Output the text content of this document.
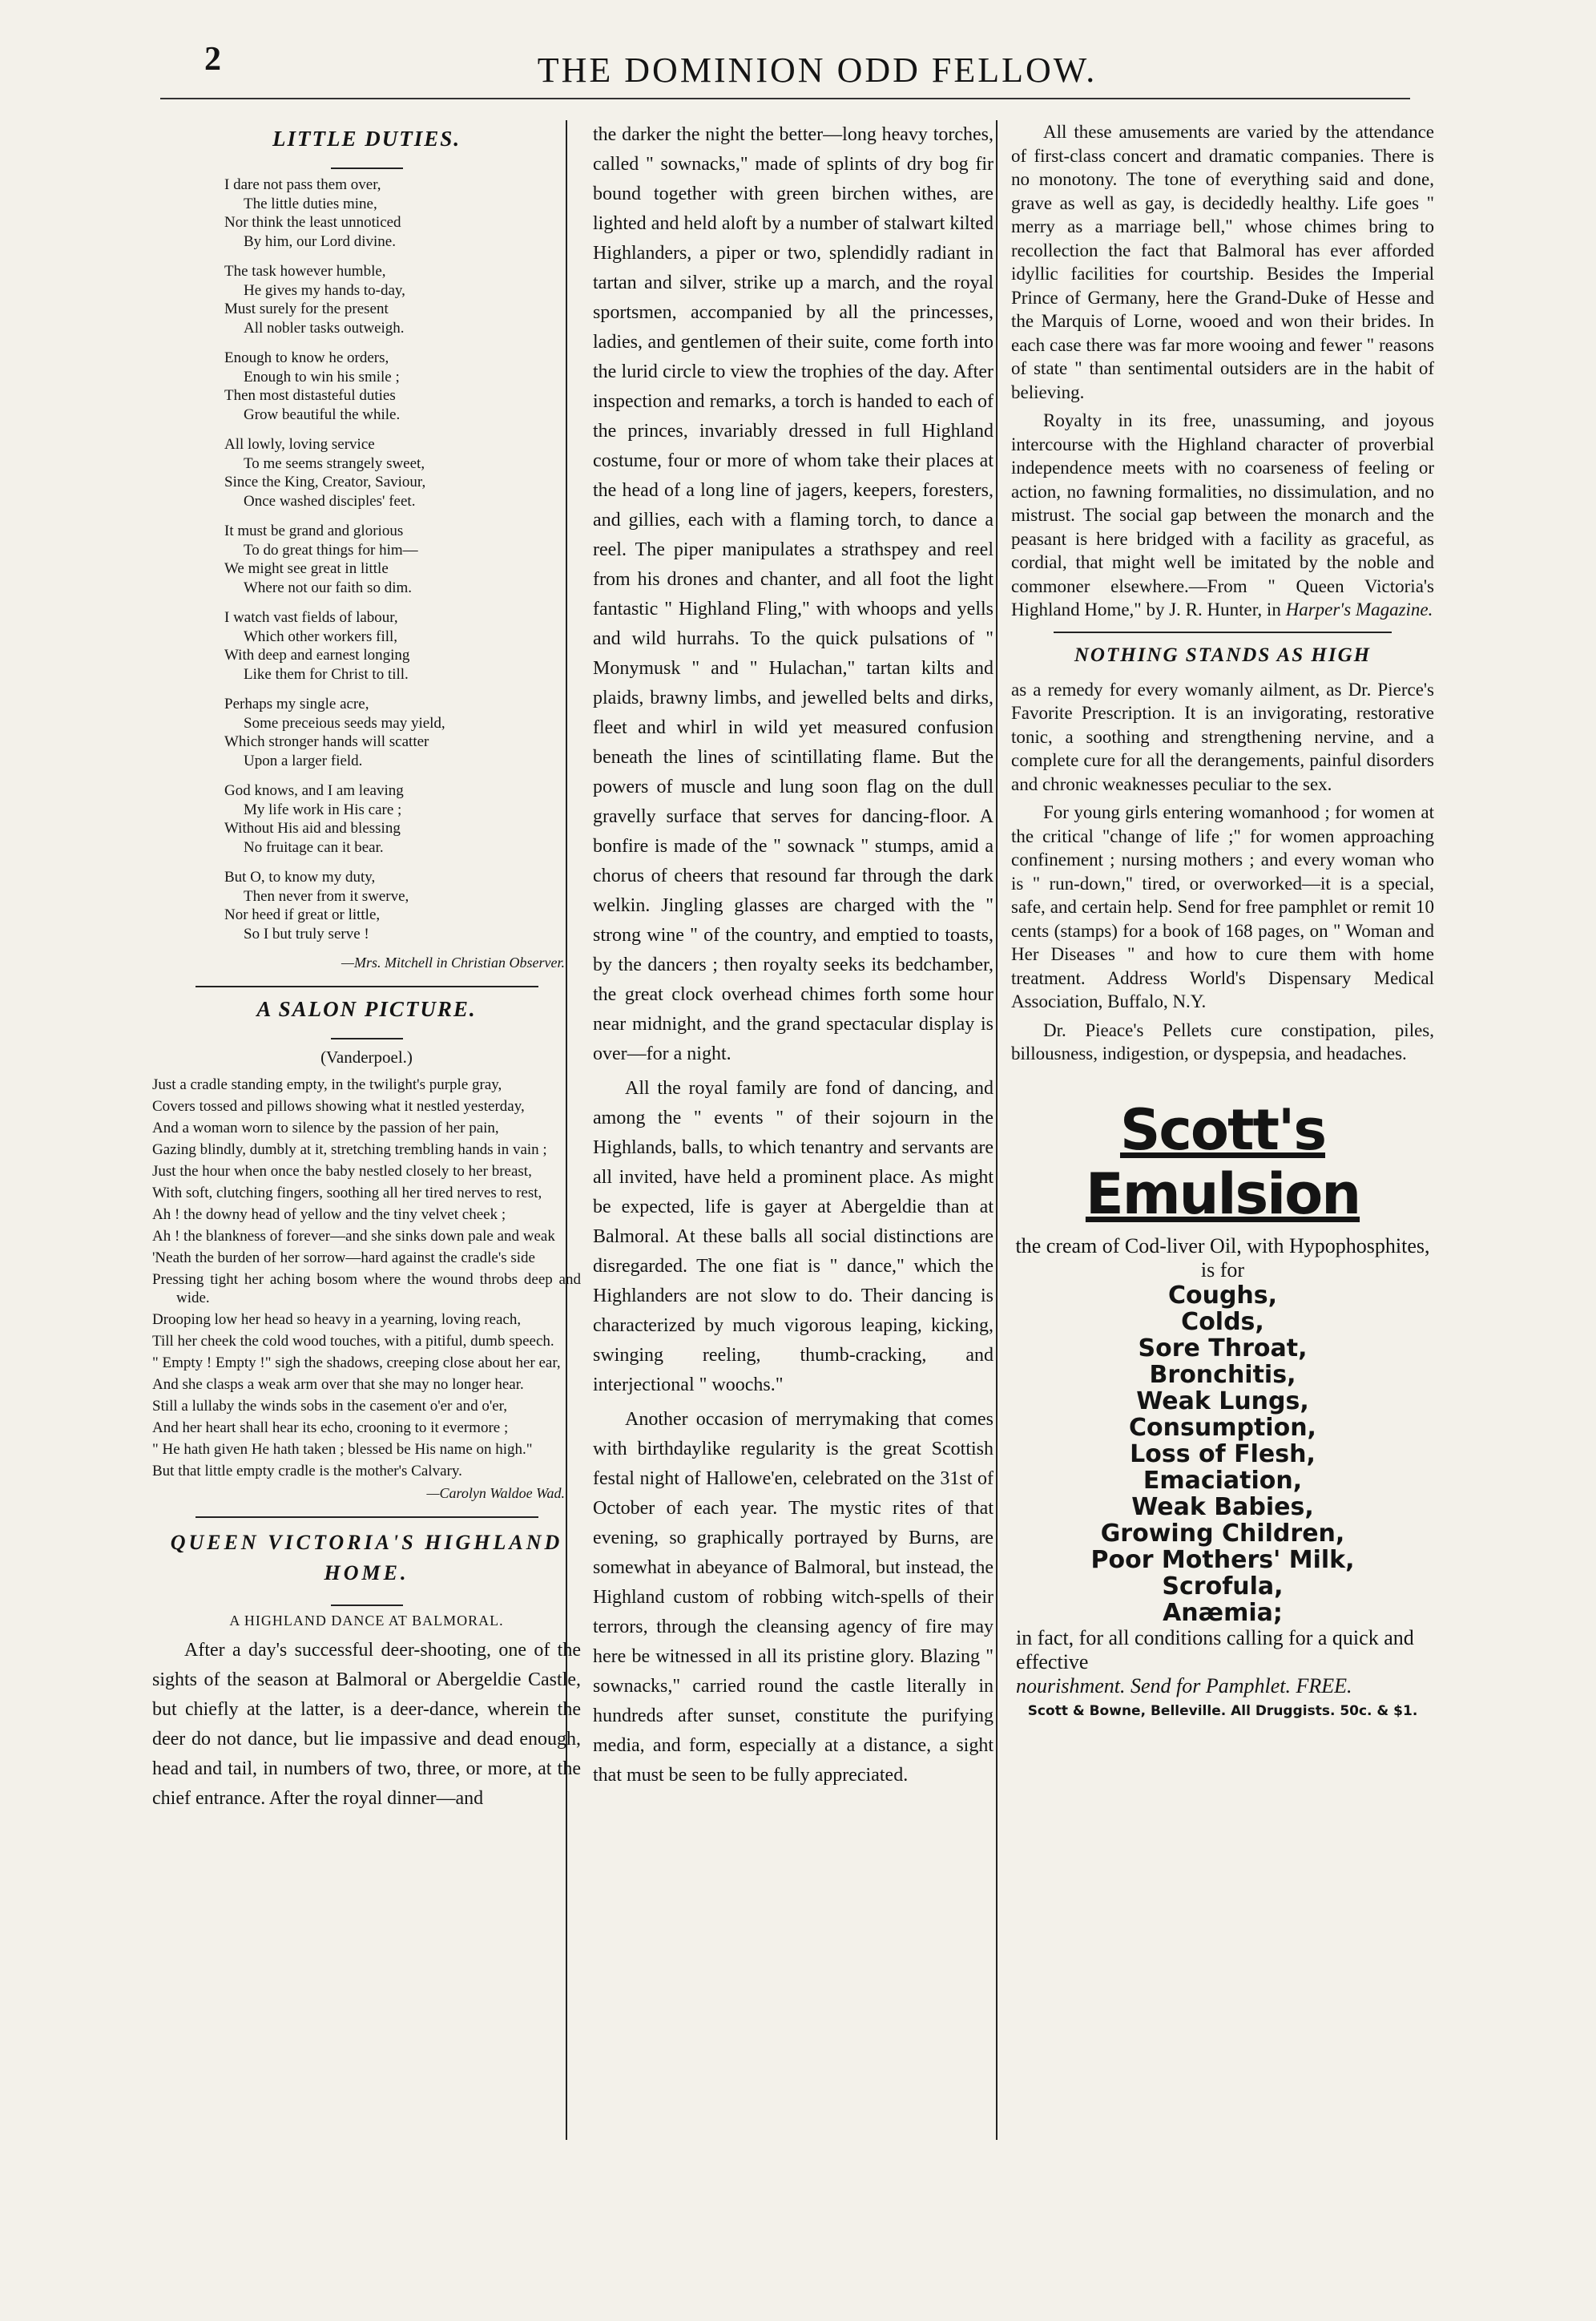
2	THE DOMINION ODD FELLOW.
LITTLE DUTIES.
I dare not pass them over,
The little duties mine,
Nor think the least unnoticed
By him, our Lord divine.
The task however humble,
He gives my hands to-day,
Must surely for the present
All nobler tasks outweigh.
Enough to know he orders,
Enough to win his smile ;
Then most distasteful duties
Grow beautiful the while.
All lowly, loving service
To me seems strangely sweet,
Since the King, Creator, Saviour,
Once washed disciples' feet.
It must be grand and glorious
To do great things for him—
We might see great in little
Where not our faith so dim.
I watch vast fields of labour,
Which other workers fill,
With deep and earnest longing
Like them for Christ to till.
Perhaps my single acre,
Some preceious seeds may yield,
Which stronger hands will scatter
Upon a larger field.
God knows, and I am leaving
My life work in His care ;
Without His aid and blessing
No fruitage can it bear.
But O, to know my duty,
Then never from it swerve,
Nor heed if great or little,
So I but truly serve !
—Mrs. Mitchell in Christian Observer.
A SALON PICTURE.
(Vanderpoel.)

Just a cradle standing empty, in the twilight's purple gray,

Covers tossed and pillows showing what it nestled yesterday,

And a woman worn to silence by the passion of her pain,

Gazing blindly, dumbly at it, stretching trembling hands in vain ;

Just the hour when once the baby nestled closely to her breast,

With soft, clutching fingers, soothing all her tired nerves to rest,

Ah ! the downy head of yellow and the tiny velvet cheek ;

Ah ! the blankness of forever—and she sinks down pale and weak

'Neath the burden of her sorrow—hard against the cradle's side

Pressing tight her aching bosom where the wound throbs deep and wide.

Drooping low her head so heavy in a yearning, loving reach,

Till her cheek the cold wood touches, with a pitiful, dumb speech.

" Empty ! Empty !" sigh the shadows, creeping close about her ear,

And she clasps a weak arm over that she may no longer hear.

Still a lullaby the winds sobs in the casement o'er and o'er,

And her heart shall hear its echo, crooning to it evermore ;

" He hath given He hath taken ; blessed be His name on high."

But that little empty cradle is the mother's Calvary.

—Carolyn Waldoe Wad.
QUEEN VICTORIA'S HIGHLAND HOME.
A HIGHLAND DANCE AT BALMORAL.

After a day's successful deer-shooting, one of the sights of the season at Balmoral or Abergeldie Castle, but chiefly at the latter, is a deer-dance, wherein the deer do not dance, but lie impassive and dead enough, head and tail, in numbers of two, three, or more, at the chief entrance. After the royal dinner—and

the darker the night the better—long heavy torches, called " sownacks," made of splints of dry bog fir bound together with green birchen withes, are lighted and held aloft by a number of stalwart kilted Highlanders, a piper or two, splendidly radiant in tartan and silver, strike up a march, and the royal sportsmen, accompanied by all the princesses, ladies, and gentlemen of their suite, come forth into the lurid circle to view the trophies of the day. After inspection and remarks, a torch is handed to each of the princes, invariably dressed in full Highland costume, four or more of whom take their places at the head of a long line of jagers, keepers, foresters, and gillies, each with a flaming torch, to dance a reel. The piper manipulates a strathspey and reel from his drones and chanter, and all foot the light fantastic " Highland Fling," with whoops and yells and wild hurrahs. To the quick pulsations of " Monymusk " and " Hulachan," tartan kilts and plaids, brawny limbs, and jewelled belts and dirks, fleet and whirl in wild yet measured confusion beneath the lines of scintillating flame. But the powers of muscle and lung soon flag on the dull gravelly surface that serves for dancing-floor. A bonfire is made of the " sownack " stumps, amid a chorus of cheers that resound far through the dark welkin. Jingling glasses are charged with the " strong wine " of the country, and emptied to toasts, by the dancers ; then royalty seeks its bedchamber, the great clock overhead chimes forth some hour near midnight, and the grand spectacular display is over—for a night.

All the royal family are fond of dancing, and among the " events " of their sojourn in the Highlands, balls, to which tenantry and servants are all invited, have held a prominent place. As might be expected, life is gayer at Abergeldie than at Balmoral. At these balls all social distinctions are disregarded. The one fiat is " dance," which the Highlanders are not slow to do. Their dancing is characterized by much vigorous leaping, kicking, swinging reeling, thumb-cracking, and interjectional " woochs."

Another occasion of merrymaking that comes with birthdaylike regularity is the great Scottish festal night of Hallowe'en, celebrated on the 31st of October of each year. The mystic rites of that evening, so graphically portrayed by Burns, are somewhat in abeyance of Balmoral, but instead, the Highland custom of robbing witch-spells of their terrors, through the cleansing agency of fire may here be witnessed in all its pristine glory. Blazing " sownacks," carried round the castle literally in hundreds after sunset, constitute the purifying media, and form, especially at a distance, a sight that must be seen to be fully appreciated.

All these amusements are varied by the attendance of first-class concert and dramatic companies. There is no monotony. The tone of everything said and done, grave as well as gay, is decidedly healthy. Life goes " merry as a marriage bell," whose chimes bring to recollection the fact that Balmoral has ever afforded idyllic facilities for courtship. Besides the Imperial Prince of Germany, here the Grand-Duke of Hesse and the Marquis of Lorne, wooed and won their brides. In each case there was far more wooing and fewer " reasons of state " than sentimental outsiders are in the habit of believing.

Royalty in its free, unassuming, and joyous intercourse with the Highland character of proverbial independence meets with no coarseness of feeling or action, no fawning formalities, no dissimulation, and no mistrust. The social gap between the monarch and the peasant is here bridged with a facility as graceful, as cordial, that might well be imitated by the noble and commoner elsewhere.—From " Queen Victoria's Highland Home," by J. R. Hunter, in Harper's Magazine.

NOTHING STANDS AS HIGH

as a remedy for every womanly ailment, as Dr. Pierce's Favorite Prescription. It is an invigorating, restorative tonic, a soothing and strengthening nervine, and a complete cure for all the derangements, painful disorders and chronic weaknesses peculiar to the sex.

For young girls entering womanhood ; for women at the critical "change of life ;" for women approaching confinement ; nursing mothers ; and every woman who is " run-down," tired, or overworked—it is a special, safe, and certain help. Send for free pamphlet or remit 10 cents (stamps) for a book of 168 pages, on " Woman and Her Diseases " and how to cure them with home treatment. Address World's Dispensary Medical Association, Buffalo, N.Y.

Dr. Pieace's Pellets cure constipation, piles, billousness, indigestion, or dyspepsia, and headaches.

Scott's
Emulsion
the cream of Cod-liver Oil, with Hypophosphites, is for
Coughs,
Colds,
Sore Throat,
Bronchitis,
Weak Lungs,
Consumption,
Loss of Flesh,
Emaciation,
Weak Babies,
Growing Children,
Poor Mothers' Milk,
Scrofula,
Anæmia;
in fact, for all conditions calling for a quick and effective
nourishment. Send for Pamphlet. FREE.
Scott & Bowne, Belleville. All Druggists. 50c. & $1.
